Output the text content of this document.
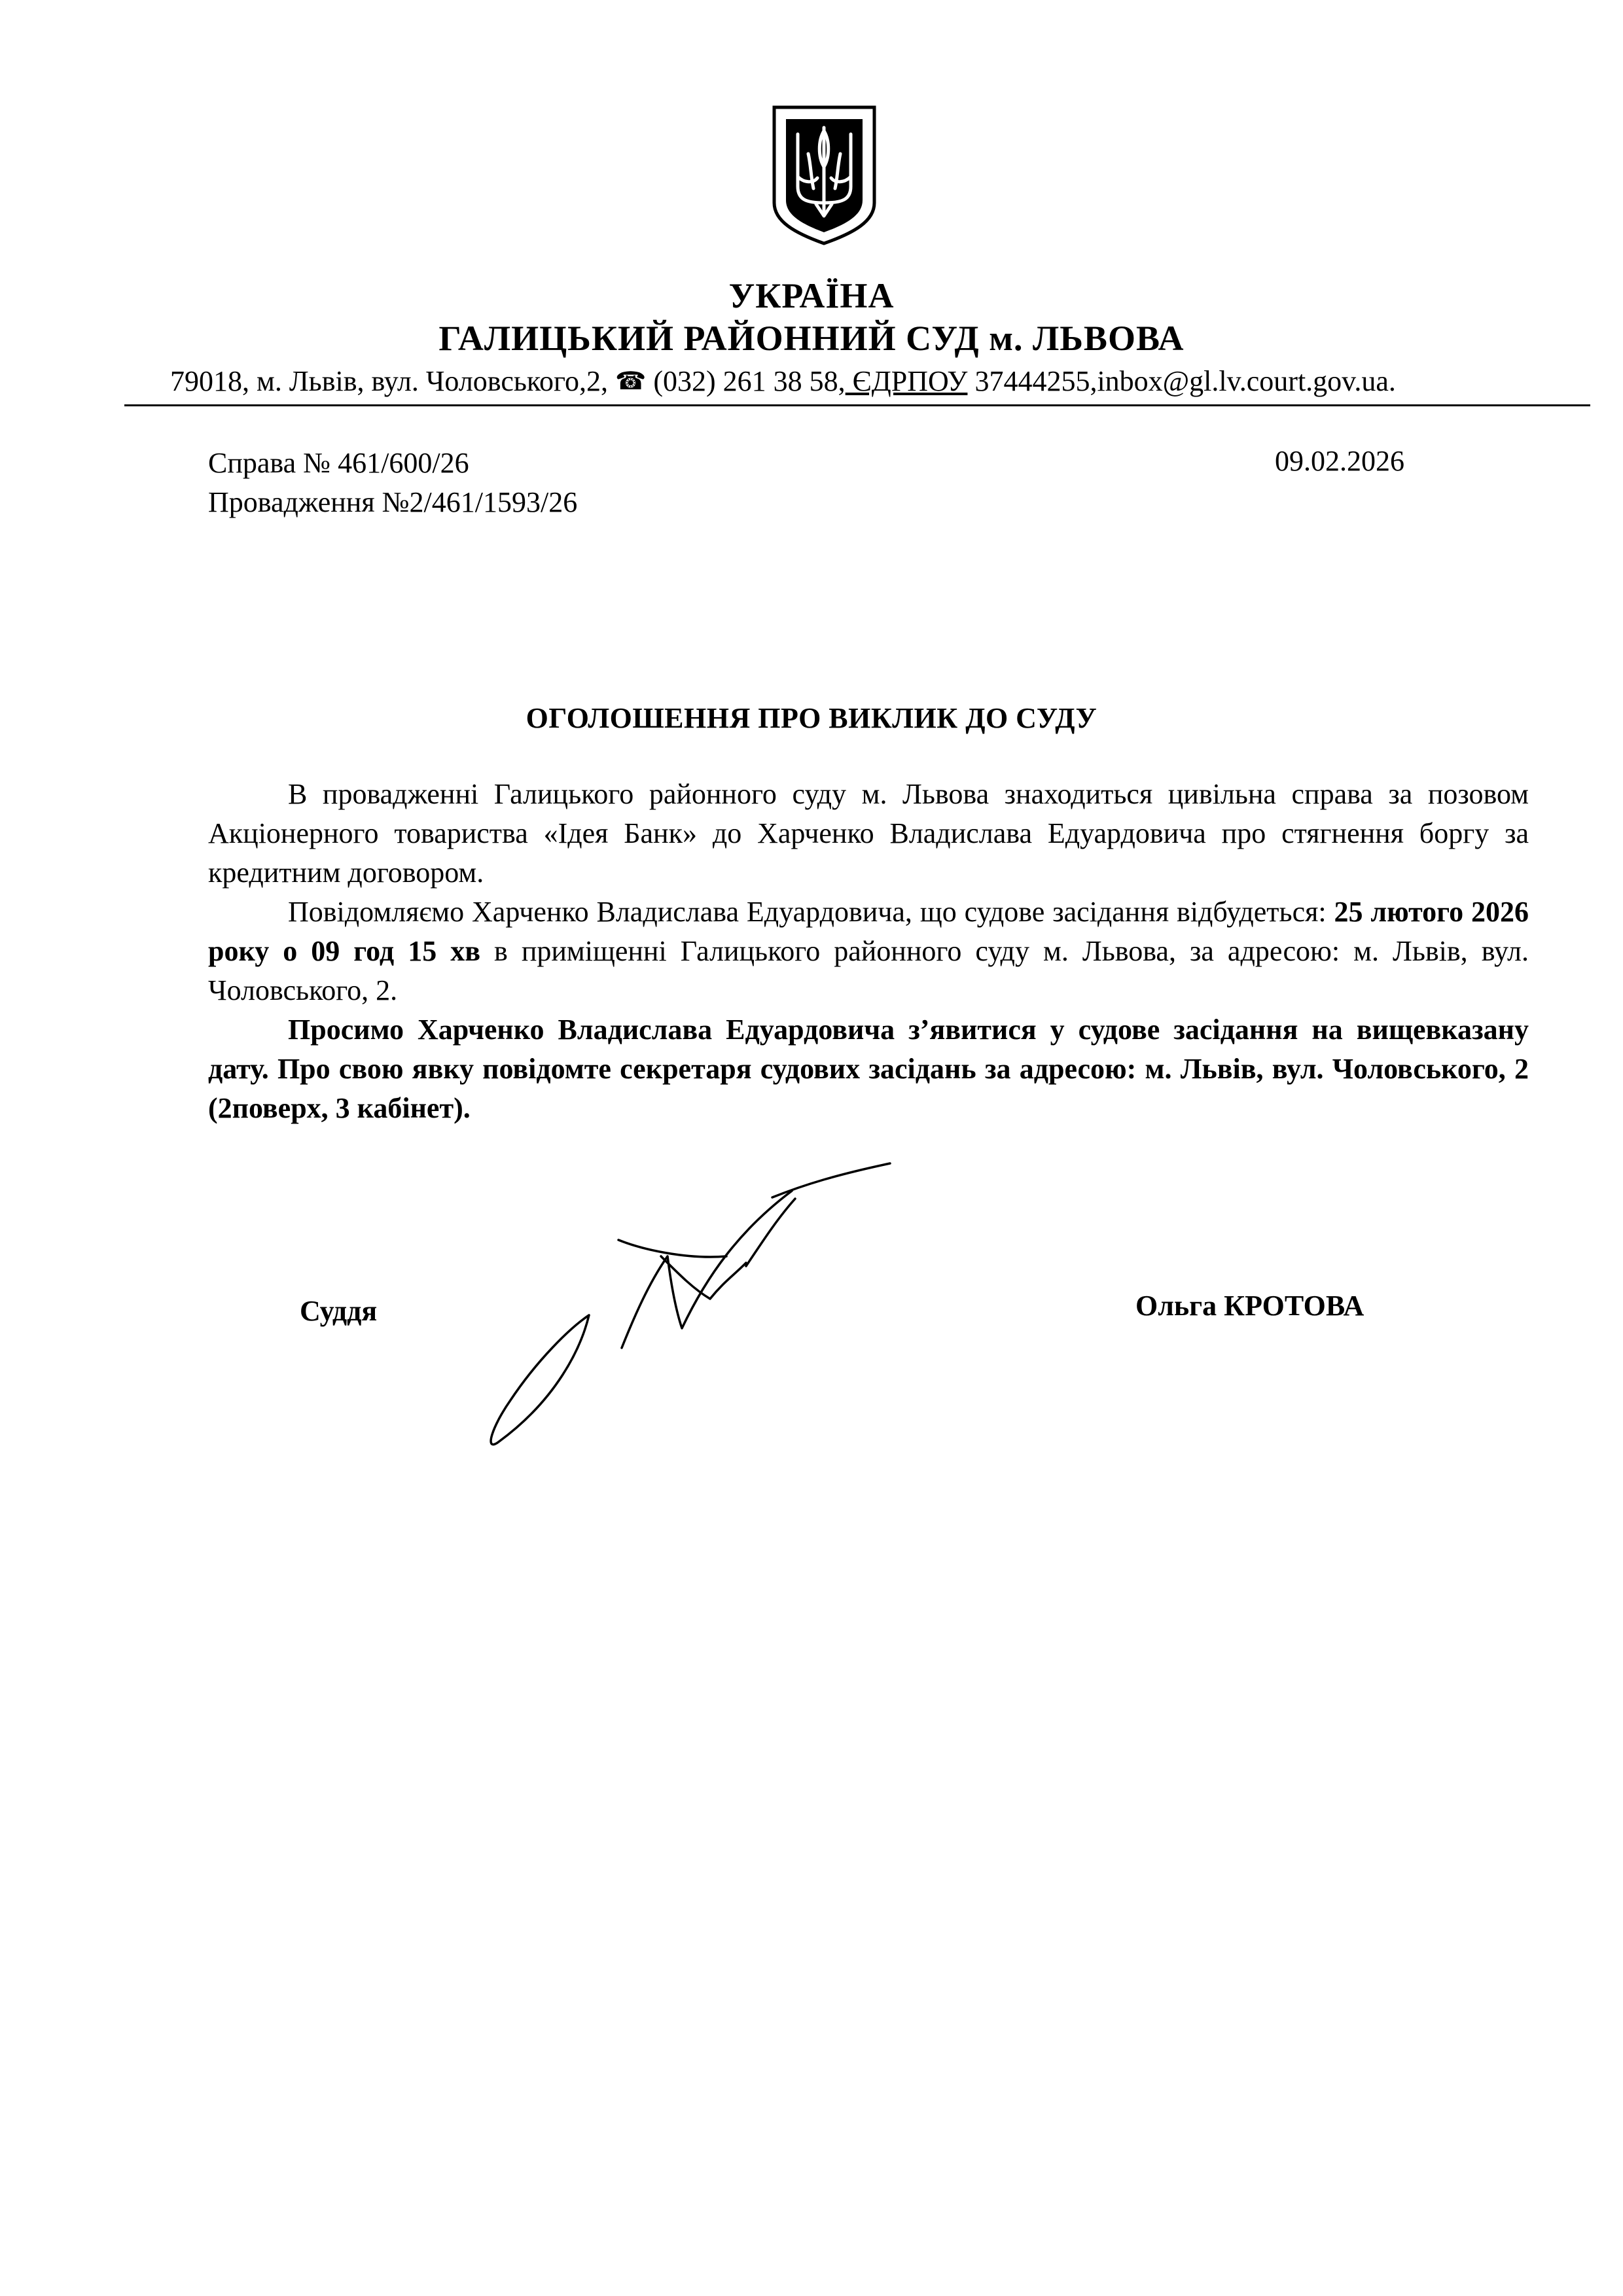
УКРАЇНА
ГАЛИЦЬКИЙ РАЙОННИЙ СУД м. ЛЬВОВА
79018, м. Львів, вул. Чоловського,2, ☎ (032) 261 38 58, ЄДРПОУ 37444255,inbox@gl.lv.court.gov.ua.
Справа № 461/600/26
Провадження №2/461/1593/26
09.02.2026
ОГОЛОШЕННЯ ПРО ВИКЛИК ДО СУДУ

В провадженні Галицького районного суду м. Львова знаходиться цивільна справа за позовом Акціонерного товариства «Ідея Банк» до Харченко Владислава Едуардовича про стягнення боргу за кредитним договором.

Повідомляємо Харченко Владислава Едуардовича, що судове засідання відбудеться: 25 лютого 2026 року о 09 год 15 хв в приміщенні Галицького районного суду м. Львова, за адресою: м. Львів, вул. Чоловського, 2.

Просимо Харченко Владислава Едуардовича з’явитися у судове засідання на вищевказану дату. Про свою явку повідомте секретаря судових засідань за адресою: м. Львів, вул. Чоловського, 2 (2поверх, 3 кабінет).

Суддя	Ольга КРОТОВА
